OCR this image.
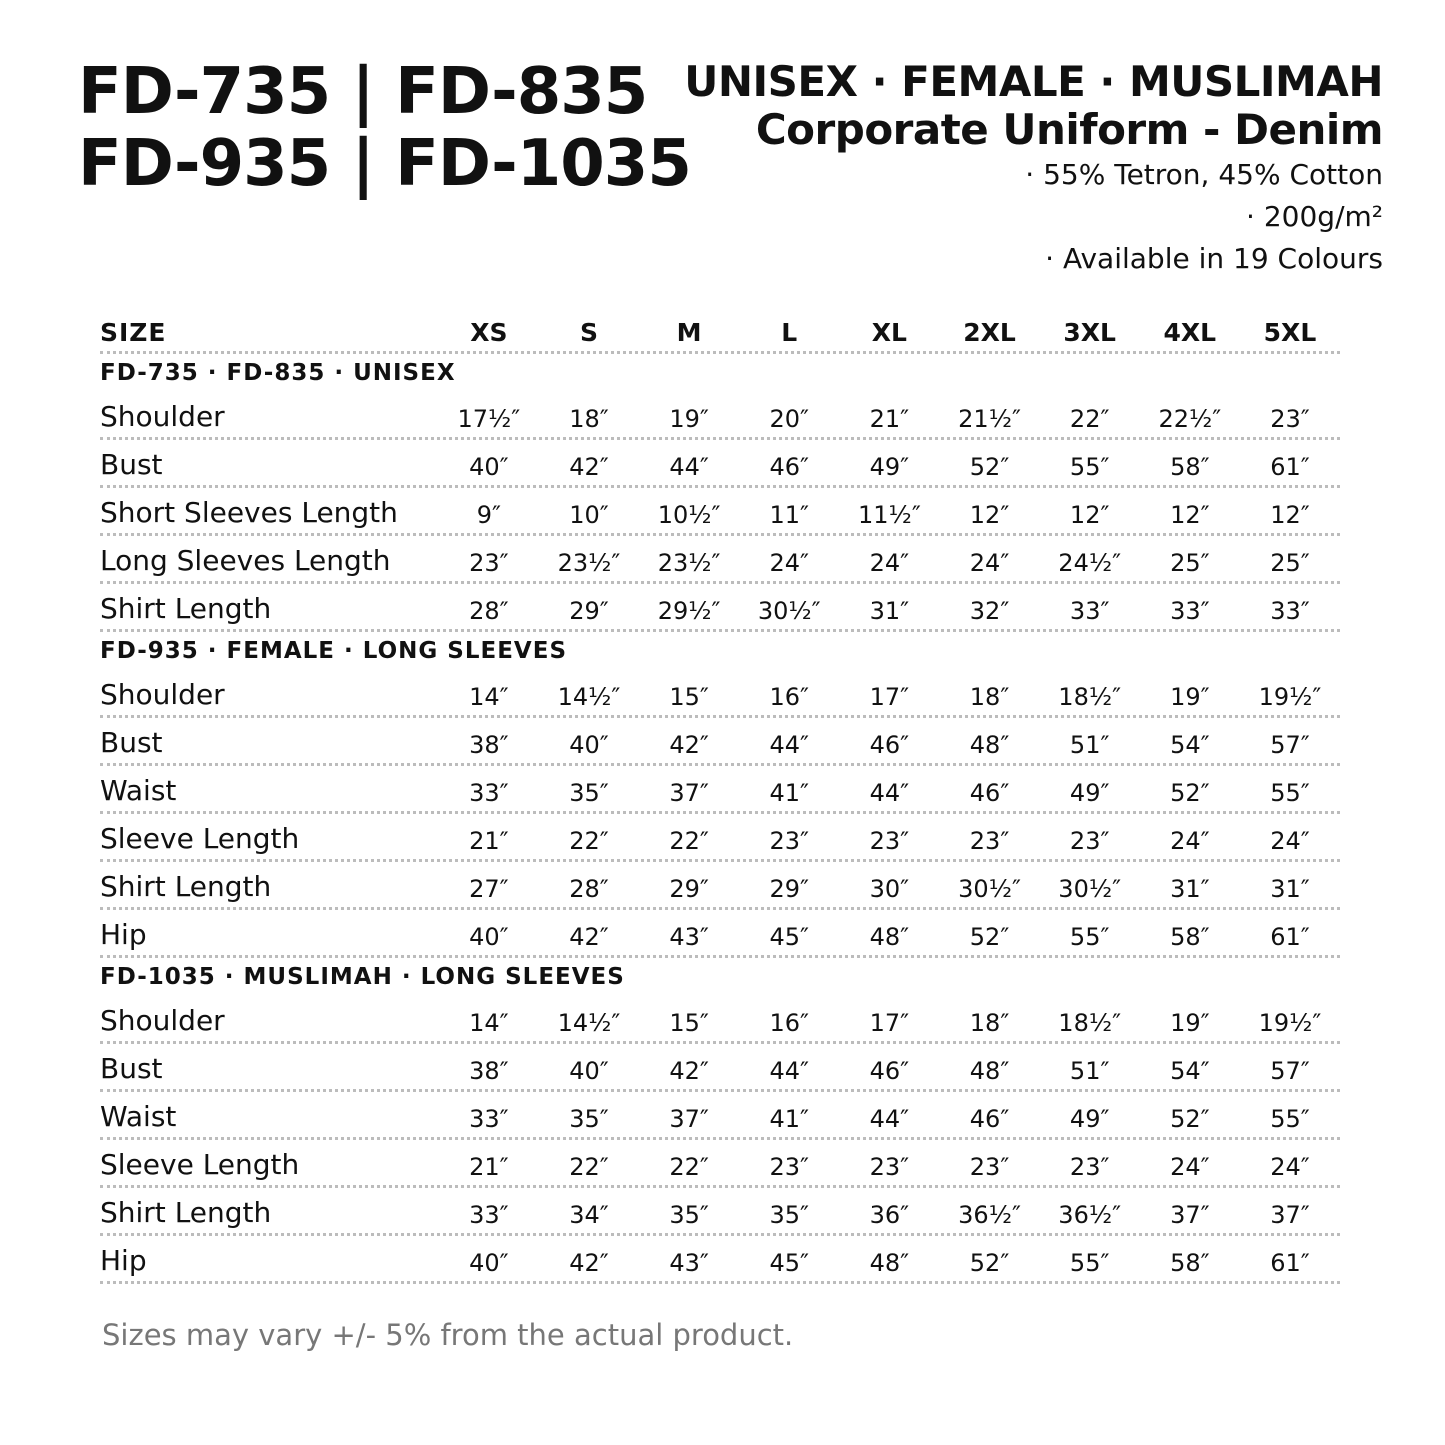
FD-735 | FD-835
FD-935 | FD-1035
UNISEX · FEMALE · MUSLIMAH
Corporate Uniform - Denim
· 55% Tetron, 45% Cotton
· 200g/m²
· Available in 19 Colours
SIZE	XS	S	M	L	XL	2XL	3XL	4XL	5XL
FD-735 · FD-835 · UNISEX
Shoulder	17½″	18″	19″	20″	21″	21½″	22″	22½″	23″
Bust	40″	42″	44″	46″	49″	52″	55″	58″	61″
Short Sleeves Length	9″	10″	10½″	11″	11½″	12″	12″	12″	12″
Long Sleeves Length	23″	23½″	23½″	24″	24″	24″	24½″	25″	25″
Shirt Length	28″	29″	29½″	30½″	31″	32″	33″	33″	33″
FD-935 · FEMALE · LONG SLEEVES
Shoulder	14″	14½″	15″	16″	17″	18″	18½″	19″	19½″
Bust	38″	40″	42″	44″	46″	48″	51″	54″	57″
Waist	33″	35″	37″	41″	44″	46″	49″	52″	55″
Sleeve Length	21″	22″	22″	23″	23″	23″	23″	24″	24″
Shirt Length	27″	28″	29″	29″	30″	30½″	30½″	31″	31″
Hip	40″	42″	43″	45″	48″	52″	55″	58″	61″
FD-1035 · MUSLIMAH · LONG SLEEVES
Shoulder	14″	14½″	15″	16″	17″	18″	18½″	19″	19½″
Bust	38″	40″	42″	44″	46″	48″	51″	54″	57″
Waist	33″	35″	37″	41″	44″	46″	49″	52″	55″
Sleeve Length	21″	22″	22″	23″	23″	23″	23″	24″	24″
Shirt Length	33″	34″	35″	35″	36″	36½″	36½″	37″	37″
Hip	40″	42″	43″	45″	48″	52″	55″	58″	61″
Sizes may vary +/- 5% from the actual product.
